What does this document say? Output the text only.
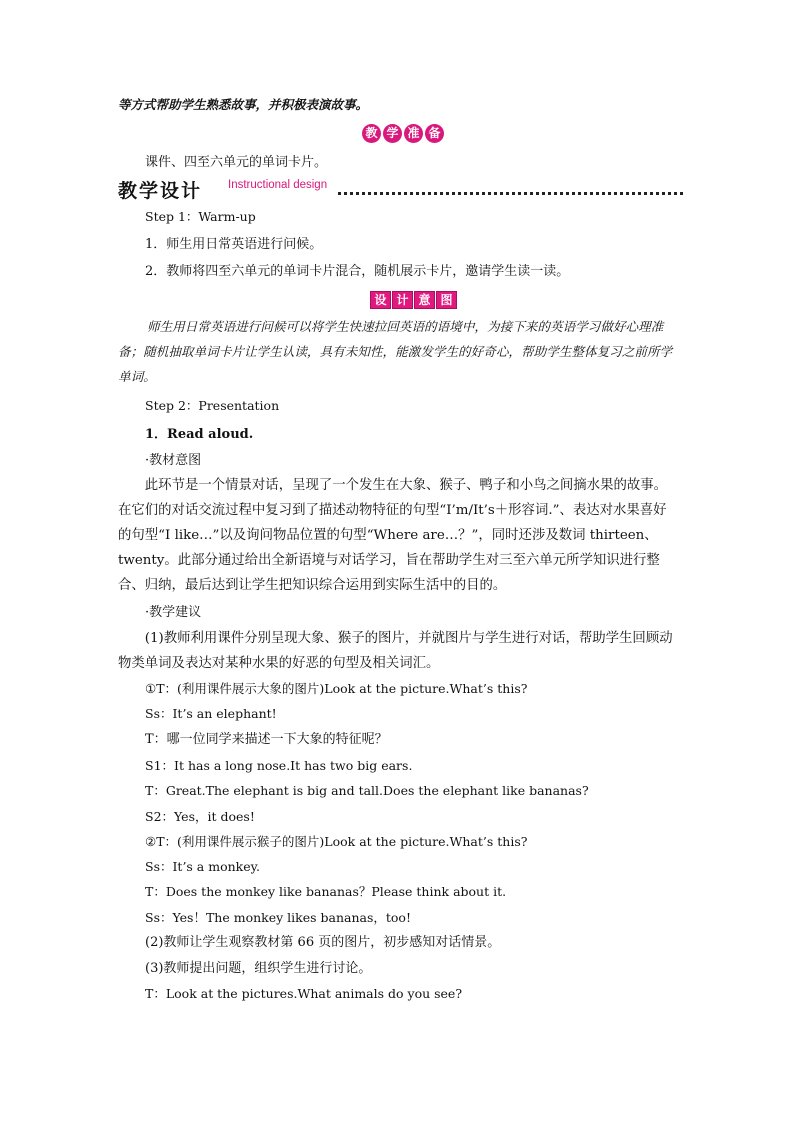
等方式帮助学生熟悉故事，并积极表演故事。
教 学 准 备
课件、四至六单元的单词卡片。
教学设计 Instructional design
Step 1：Warm-up
1．师生用日常英语进行问候。
2．教师将四至六单元的单词卡片混合，随机展示卡片，邀请学生读一读。
设 计 意 图
师生用日常英语进行问候可以将学生快速拉回英语的语境中，为接下来的英语学习做好心理准备；随机抽取单词卡片让学生认读，具有未知性，能激发学生的好奇心，帮助学生整体复习之前所学单词。
Step 2：Presentation
1．Read aloud.
·教材意图
此环节是一个情景对话，呈现了一个发生在大象、猴子、鸭子和小鸟之间摘水果的故事。在它们的对话交流过程中复习到了描述动物特征的句型“I’m/It’s＋形容词.”、表达对水果喜好的句型“I like…”以及询问物品位置的句型“Where are…？”，同时还涉及数词 thirteen、twenty。此部分通过给出全新语境与对话学习，旨在帮助学生对三至六单元所学知识进行整合、归纳，最后达到让学生把知识综合运用到实际生活中的目的。
·教学建议
(1)教师利用课件分别呈现大象、猴子的图片，并就图片与学生进行对话，帮助学生回顾动物类单词及表达对某种水果的好恶的句型及相关词汇。
①T：(利用课件展示大象的图片)Look at the picture.What’s this?
Ss：It’s an elephant!
T：哪一位同学来描述一下大象的特征呢？
S1：It has a long nose.It has two big ears.
T：Great.The elephant is big and tall.Does the elephant like bananas?
S2：Yes，it does!
②T：(利用课件展示猴子的图片)Look at the picture.What’s this?
Ss：It’s a monkey.
T：Does the monkey like bananas？Please think about it.
Ss：Yes！The monkey likes bananas，too!
(2)教师让学生观察教材第 66 页的图片，初步感知对话情景。
(3)教师提出问题，组织学生进行讨论。
T：Look at the pictures.What animals do you see?
